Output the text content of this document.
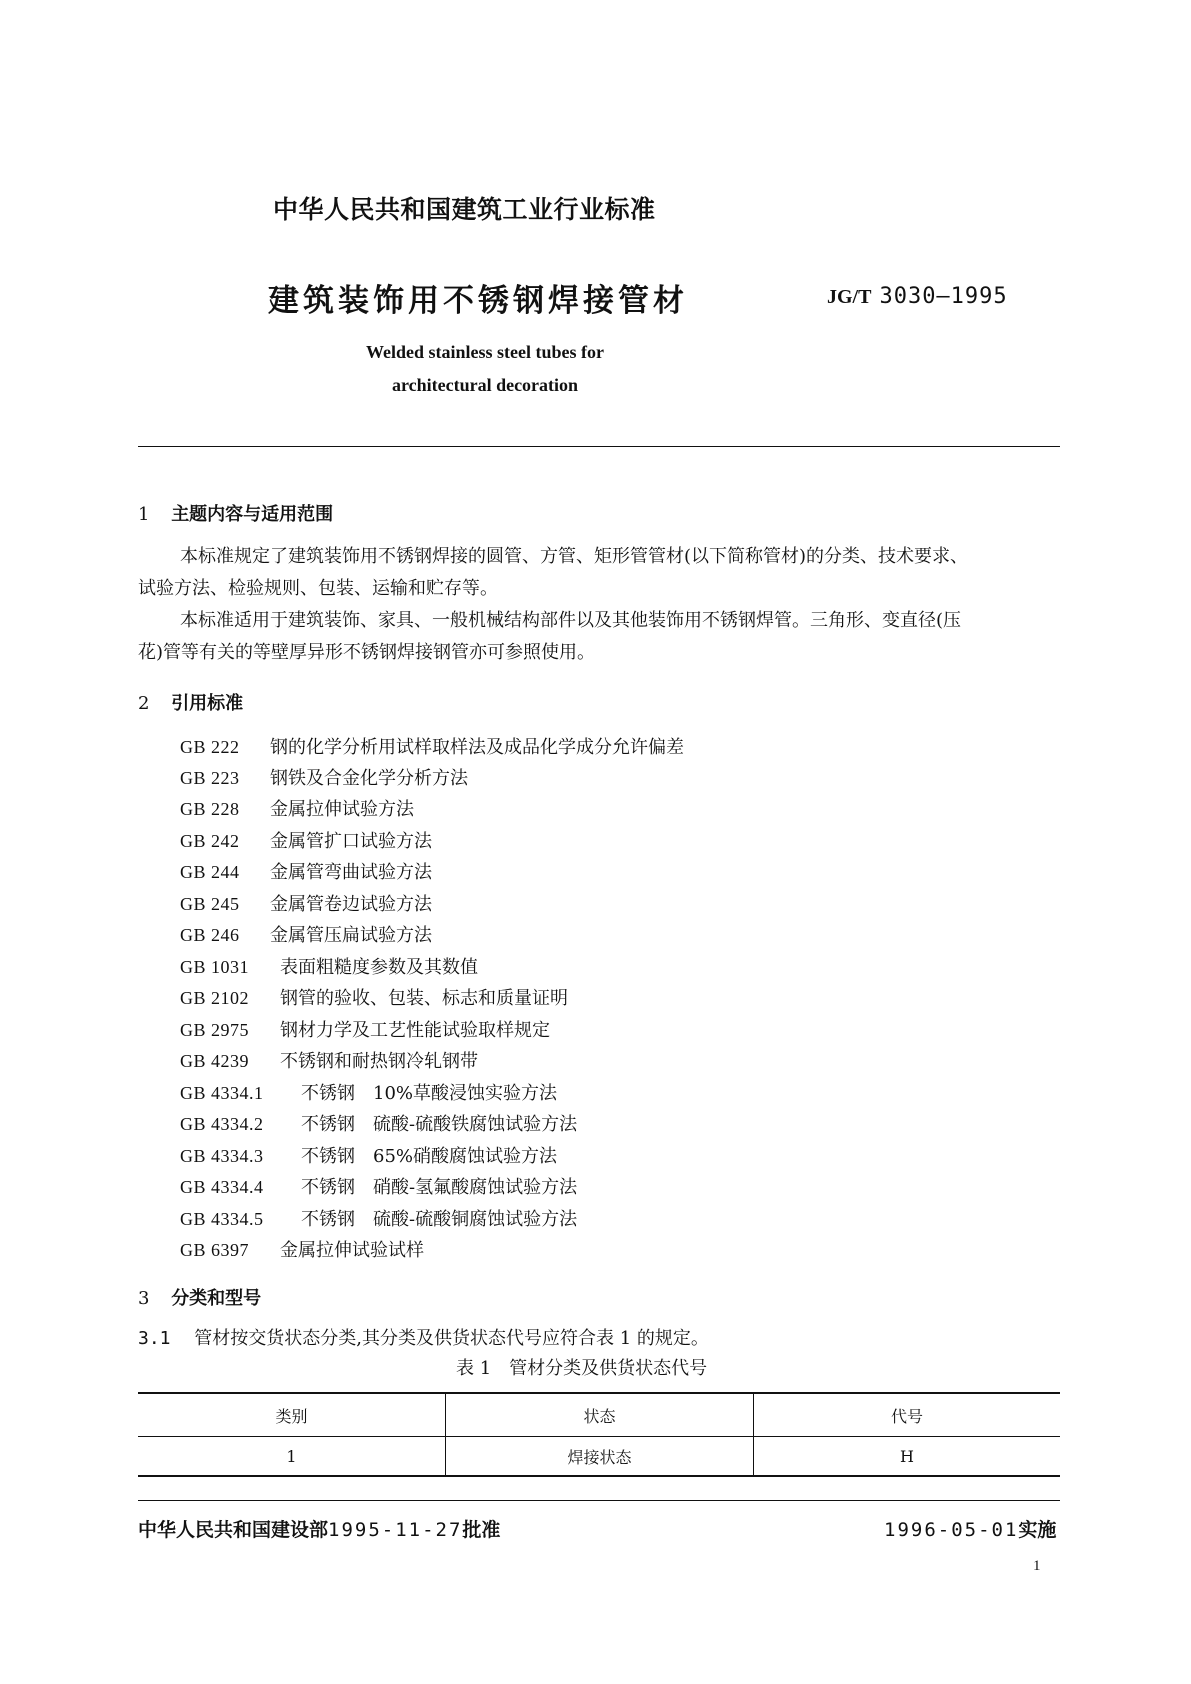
中华人民共和国建筑工业行业标准
建筑装饰用不锈钢焊接管材	JG/T 3030—1995
Welded stainless steel tubes for
architectural decoration
1 主题内容与适用范围
本标准规定了建筑装饰用不锈钢焊接的圆管、方管、矩形管管材(以下简称管材)的分类、技术要求、
试验方法、检验规则、包装、运输和贮存等。
本标准适用于建筑装饰、家具、一般机械结构部件以及其他装饰用不锈钢焊管。三角形、变直径(压
花)管等有关的等壁厚异形不锈钢焊接钢管亦可参照使用。
2 引用标准
GB 222 钢的化学分析用试样取样法及成品化学成分允许偏差
GB 223 钢铁及合金化学分析方法
GB 228 金属拉伸试验方法
GB 242 金属管扩口试验方法
GB 244 金属管弯曲试验方法
GB 245 金属管卷边试验方法
GB 246 金属管压扁试验方法
GB 1031 表面粗糙度参数及其数值
GB 2102 钢管的验收、包装、标志和质量证明
GB 2975 钢材力学及工艺性能试验取样规定
GB 4239 不锈钢和耐热钢冷轧钢带
GB 4334.1 不锈钢　10%草酸浸蚀实验方法
GB 4334.2 不锈钢　硫酸-硫酸铁腐蚀试验方法
GB 4334.3 不锈钢　65%硝酸腐蚀试验方法
GB 4334.4 不锈钢　硝酸-氢氟酸腐蚀试验方法
GB 4334.5 不锈钢　硫酸-硫酸铜腐蚀试验方法
GB 6397 金属拉伸试验试样
3 分类和型号
3.1 管材按交货状态分类,其分类及供货状态代号应符合表 1 的规定。
表 1　管材分类及供货状态代号
类别	状态	代号
1	焊接状态	H
中华人民共和国建设部1995-11-27批准	1996-05-01实施
1
